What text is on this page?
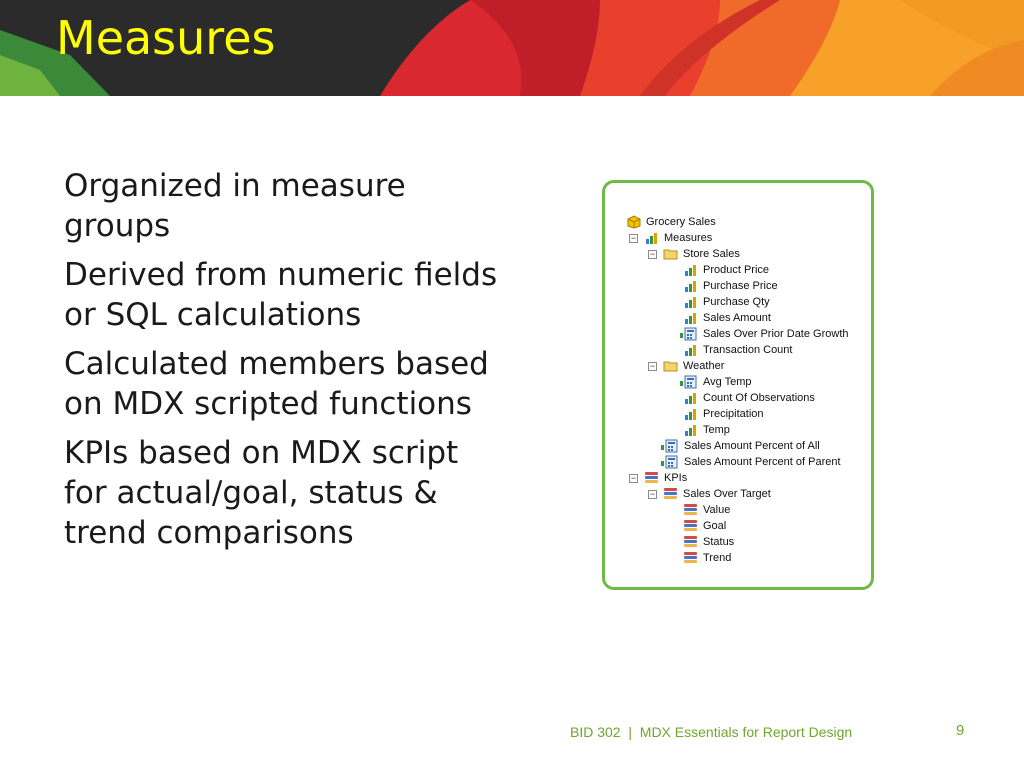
Measures
Organized in measure groups
Derived from numeric fields or SQL calculations
Calculated members based on MDX scripted functions
KPIs based on MDX script for actual/goal, status & trend comparisons
Grocery Sales
−	Measures
−	Store Sales
Product Price
Purchase Price
Purchase Qty
Sales Amount
Sales Over Prior Date Growth
Transaction Count
−	Weather
Avg Temp
Count Of Observations
Precipitation
Temp
Sales Amount Percent of All
Sales Amount Percent of Parent
−	KPIs
−	Sales Over Target
Value
Goal
Status
Trend
BID 302  |  MDX Essentials for Report Design	9
